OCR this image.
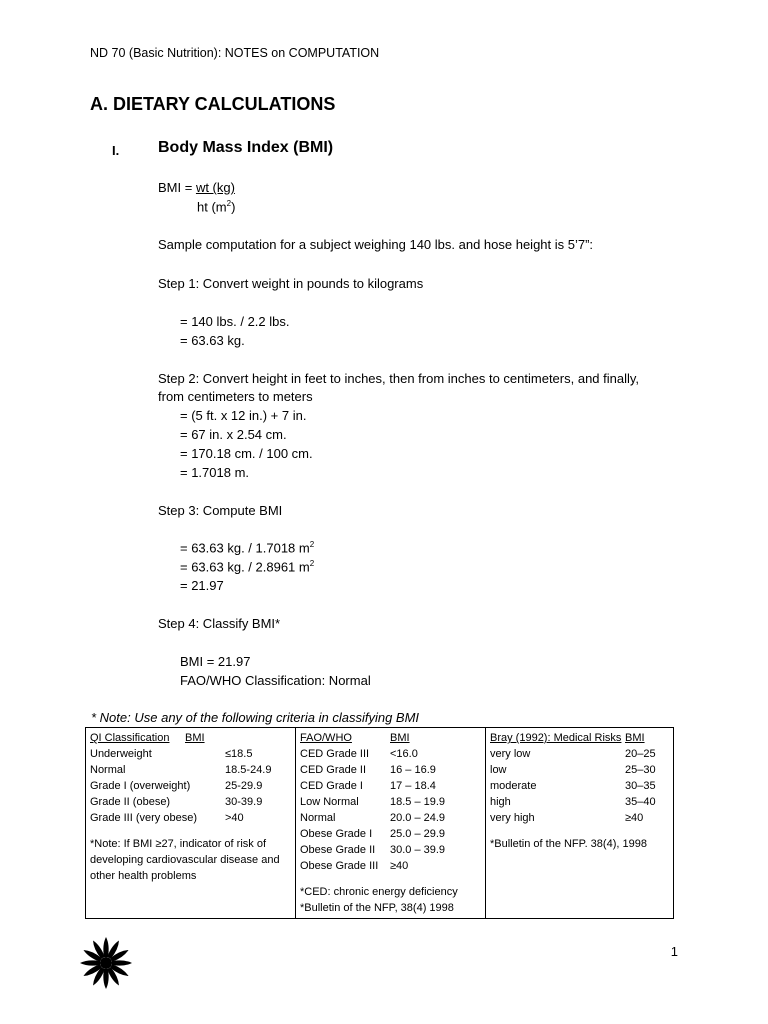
ND 70 (Basic Nutrition): NOTES on COMPUTATION
A. DIETARY CALCULATIONS
I. Body Mass Index (BMI)
BMI = wt (kg)
ht $(m^2)$
Sample computation for a subject weighing 140 lbs. and hose height is 5’7”:
Step 1: Convert weight in pounds to kilograms
= 140 lbs. / 2.2 lbs.
= 63.63 kg.
Step 2: Convert height in feet to inches, then from inches to centimeters, and finally,
from centimeters to meters
= (5 ft. x 12 in.) + 7 in.
= 67 in. x 2.54 cm.
= 170.18 cm. / 100 cm.
= 1.7018 m.
Step 3: Compute BMI
= 63.63 kg. / 1.7018 $m^2$
= 63.63 kg. / 2.8961 $m^2$
= 21.97
Step 4: Classify BMI*
BMI = 21.97
FAO/WHO Classification: Normal
* Note: Use any of the following criteria in classifying BMI
QI Classification	BMI
Underweight	≤18.5
Normal	18.5-24.9
Grade I (overweight)	25-29.9
Grade II (obese)	30-39.9
Grade III (very obese)	>40
*Note: If BMI ≥27, indicator of risk of developing cardiovascular disease and other health problems

FAO/WHO	BMI
CED Grade III	<16.0
CED Grade II	16 – 16.9
CED Grade I	17 – 18.4
Low Normal	18.5 – 19.9
Normal	20.0 – 24.9
Obese Grade I	25.0 – 29.9
Obese Grade II	30.0 – 39.9
Obese Grade III	≥40
*CED: chronic energy deficiency
*Bulletin of the NFP, 38(4) 1998

Bray (1992): Medical Risks BMI
very low	20–25
low	25–30
moderate	30–35
high	35–40
very high	≥40
*Bulletin of the NFP. 38(4), 1998
1
